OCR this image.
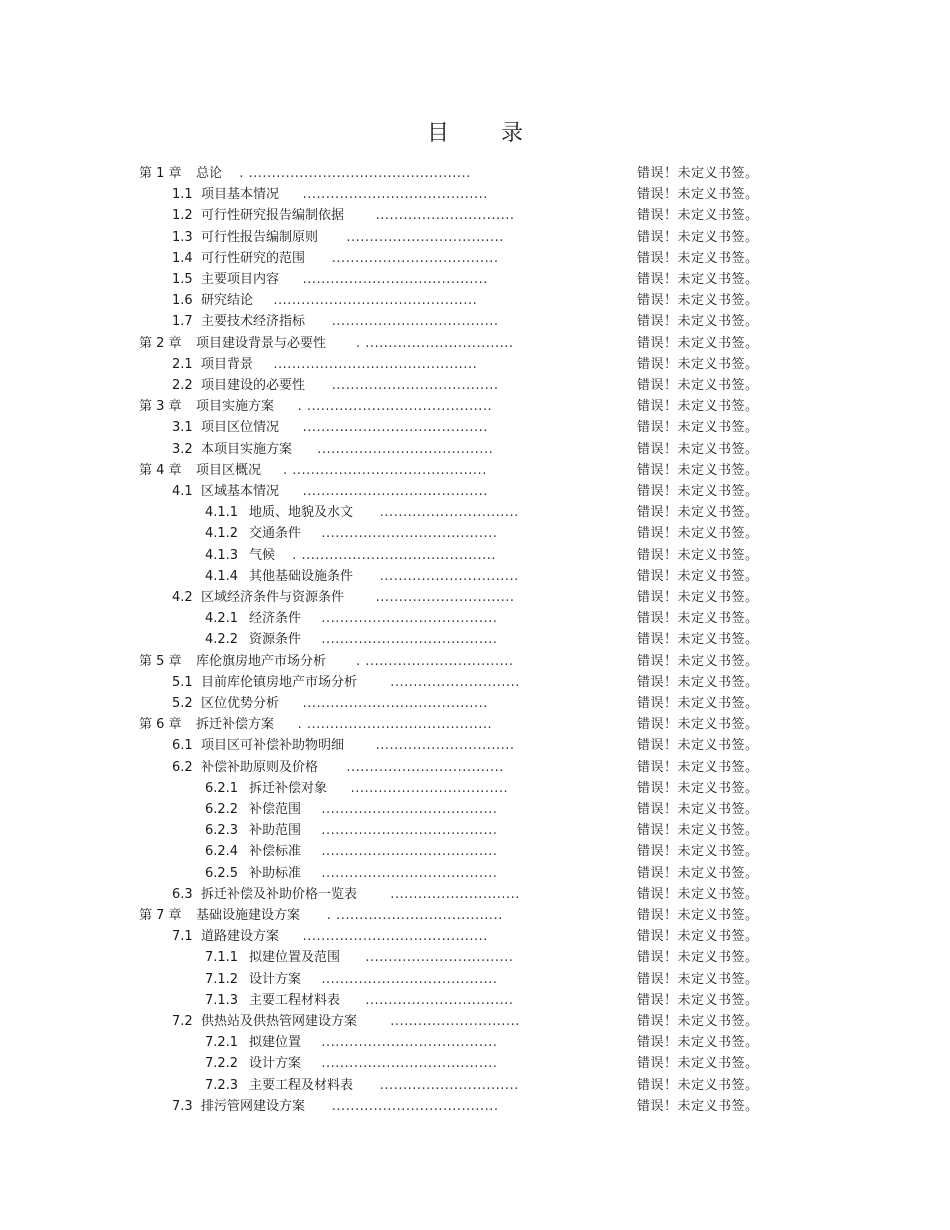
目 录
第 1 章 总论 . ................................................	错误！未定义书签。
1.1 项目基本情况 ........................................	错误！未定义书签。
1.2 可行性研究报告编制依据 ..............................	错误！未定义书签。
1.3 可行性报告编制原则 ..................................	错误！未定义书签。
1.4 可行性研究的范围 ....................................	错误！未定义书签。
1.5 主要项目内容 ........................................	错误！未定义书签。
1.6 研究结论 ............................................	错误！未定义书签。
1.7 主要技术经济指标 ....................................	错误！未定义书签。
第 2 章 项目建设背景与必要性 . ................................	错误！未定义书签。
2.1 项目背景 ............................................	错误！未定义书签。
2.2 项目建设的必要性 ....................................	错误！未定义书签。
第 3 章 项目实施方案 . ........................................	错误！未定义书签。
3.1 项目区位情况 ........................................	错误！未定义书签。
3.2 本项目实施方案 ......................................	错误！未定义书签。
第 4 章 项目区概况 . ..........................................	错误！未定义书签。
4.1 区域基本情况 ........................................	错误！未定义书签。
4.1.1 地质、地貌及水文 ..............................	错误！未定义书签。
4.1.2 交通条件 ......................................	错误！未定义书签。
4.1.3 气候 . ..........................................	错误！未定义书签。
4.1.4 其他基础设施条件 ..............................	错误！未定义书签。
4.2 区域经济条件与资源条件 ..............................	错误！未定义书签。
4.2.1 经济条件 ......................................	错误！未定义书签。
4.2.2 资源条件 ......................................	错误！未定义书签。
第 5 章 库伦旗房地产市场分析 . ................................	错误！未定义书签。
5.1 目前库伦镇房地产市场分析	............................	错误！未定义书签。
5.2 区位优势分析 ........................................	错误！未定义书签。
第 6 章 拆迁补偿方案 . ........................................	错误！未定义书签。
6.1 项目区可补偿补助物明细 ..............................	错误！未定义书签。
6.2 补偿补助原则及价格 ..................................	错误！未定义书签。
6.2.1 拆迁补偿对象 ..................................	错误！未定义书签。
6.2.2 补偿范围 ......................................	错误！未定义书签。
6.2.3 补助范围 ......................................	错误！未定义书签。
6.2.4 补偿标准 ......................................	错误！未定义书签。
6.2.5 补助标准 ......................................	错误！未定义书签。
6.3 拆迁补偿及补助价格一览表	............................	错误！未定义书签。
第 7 章 基础设施建设方案 . ....................................	错误！未定义书签。
7.1 道路建设方案 ........................................	错误！未定义书签。
7.1.1 拟建位置及范围 ................................	错误！未定义书签。
7.1.2 设计方案 ......................................	错误！未定义书签。
7.1.3 主要工程材料表 ................................	错误！未定义书签。
7.2 供热站及供热管网建设方案	............................	错误！未定义书签。
7.2.1 拟建位置 ......................................	错误！未定义书签。
7.2.2 设计方案 ......................................	错误！未定义书签。
7.2.3 主要工程及材料表 ..............................	错误！未定义书签。
7.3 排污管网建设方案 ....................................	错误！未定义书签。
